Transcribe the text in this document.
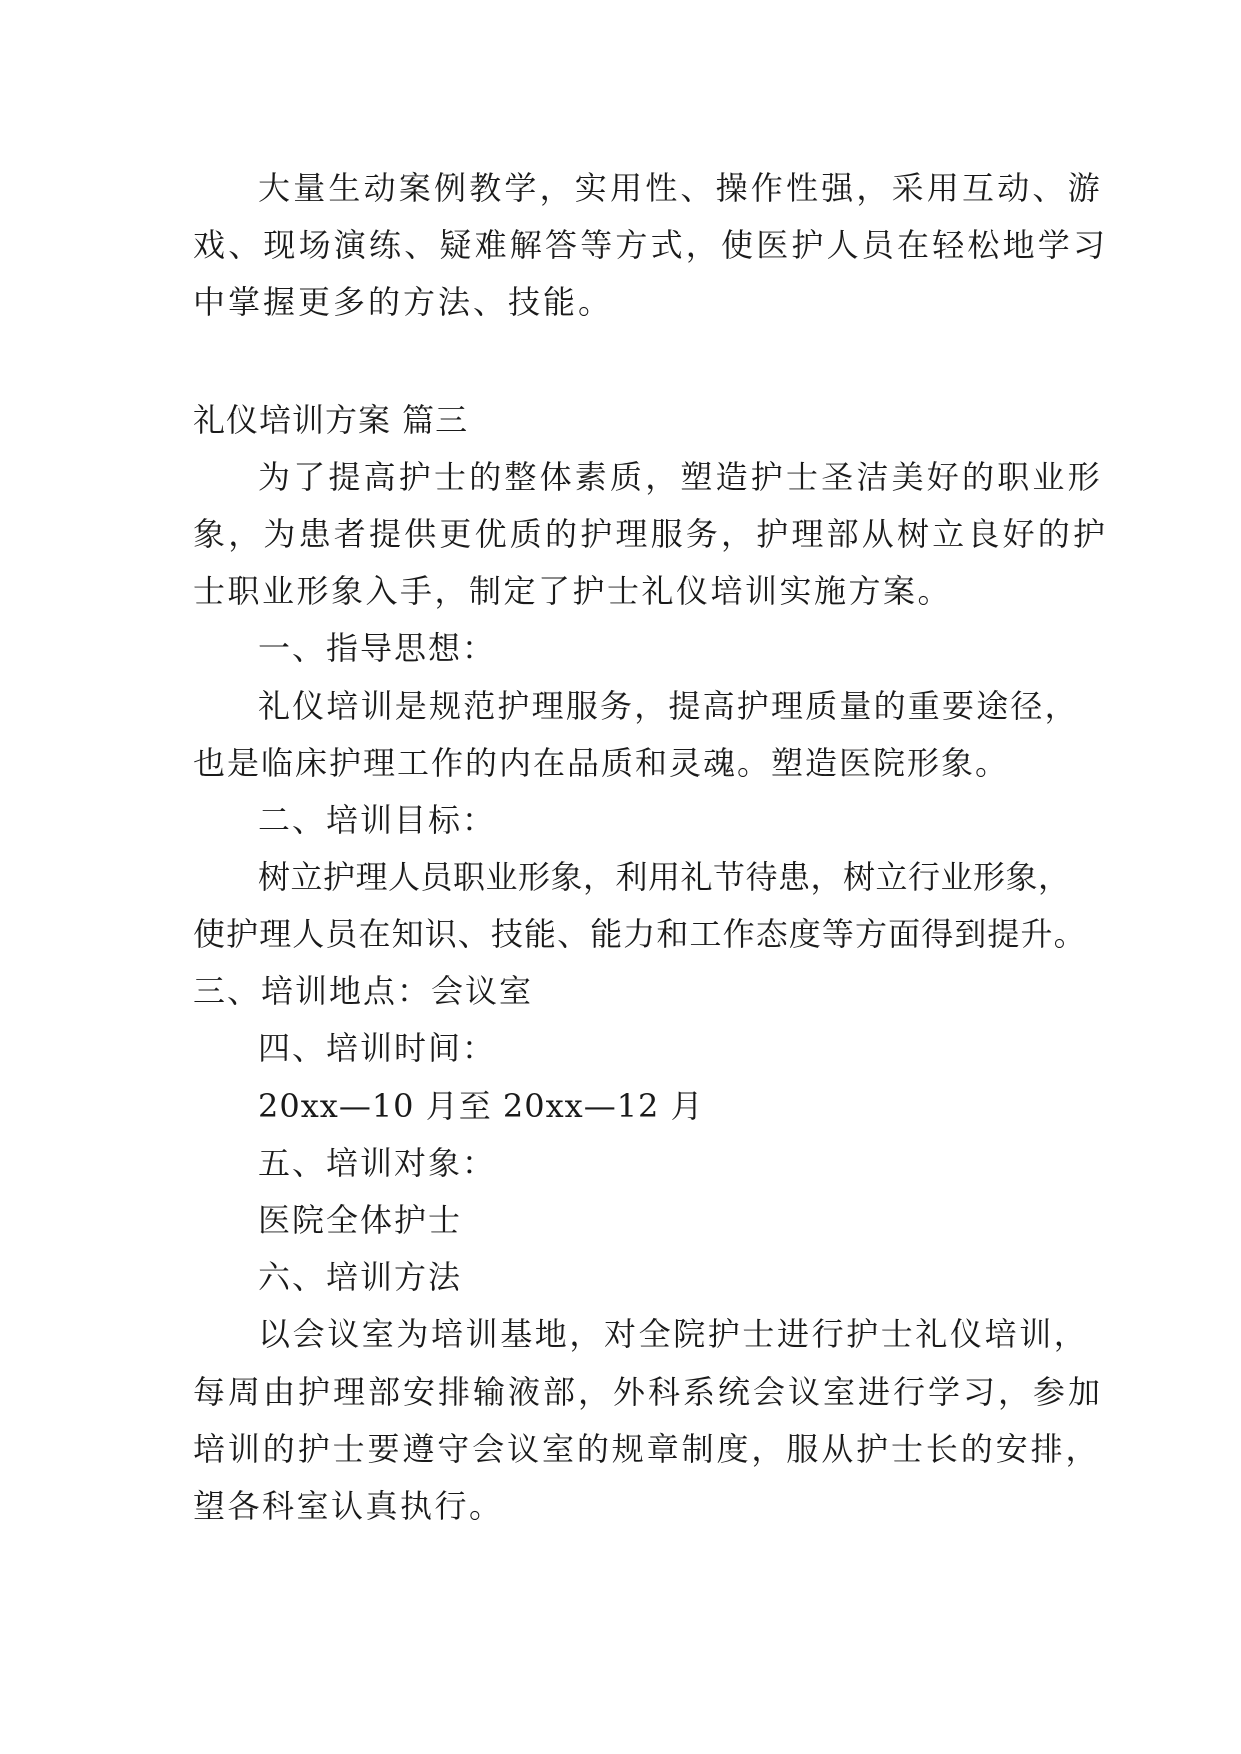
大量生动案例教学，实用性、操作性强，采用互动、游
戏、现场演练、疑难解答等方式，使医护人员在轻松地学习
中掌握更多的方法、技能。
礼仪培训方案 篇三
为了提高护士的整体素质，塑造护士圣洁美好的职业形
象，为患者提供更优质的护理服务，护理部从树立良好的护
士职业形象入手，制定了护士礼仪培训实施方案。
一、指导思想：
礼仪培训是规范护理服务，提高护理质量的重要途径，
也是临床护理工作的内在品质和灵魂。塑造医院形象。
二、培训目标：
树立护理人员职业形象，利用礼节待患，树立行业形象，
使护理人员在知识、技能、能力和工作态度等方面得到提升。
三、培训地点：会议室
四、培训时间：
20xx—10 月至 20xx—12 月
五、培训对象：
医院全体护士
六、培训方法
以会议室为培训基地，对全院护士进行护士礼仪培训，
每周由护理部安排输液部，外科系统会议室进行学习，参加
培训的护士要遵守会议室的规章制度，服从护士长的安排，
望各科室认真执行。
